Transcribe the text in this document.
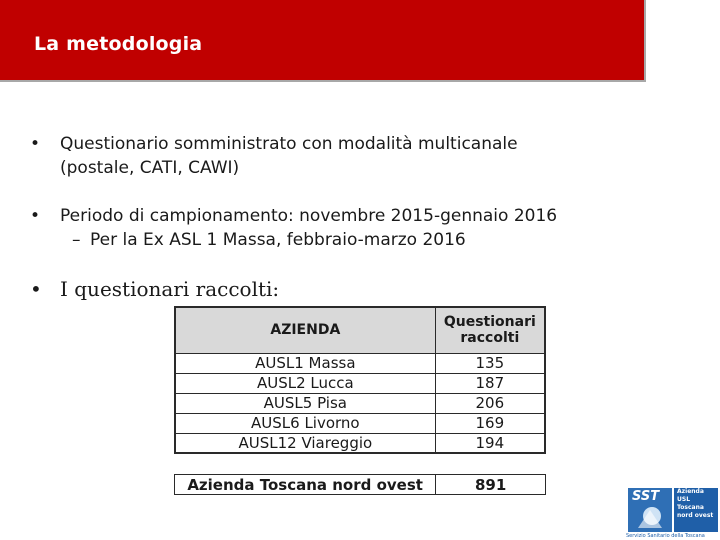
La metodologia
• Questionario somministrato con modalità multicanale
(postale, CATI, CAWI)
• Periodo di campionamento: novembre 2015-gennaio 2016
– Per la Ex ASL 1 Massa, febbraio-marzo 2016
• I questionari raccolti:
AZIENDA	Questionari
raccolti

AUSL1 Massa	135
AUSL2 Lucca	187
AUSL5 Pisa	206
AUSL6 Livorno	169
AUSL12 Viareggio	194
Azienda Toscana nord ovest	891
SST	Azienda
USL
Toscana
nord ovest
Servizio Sanitario della Toscana
